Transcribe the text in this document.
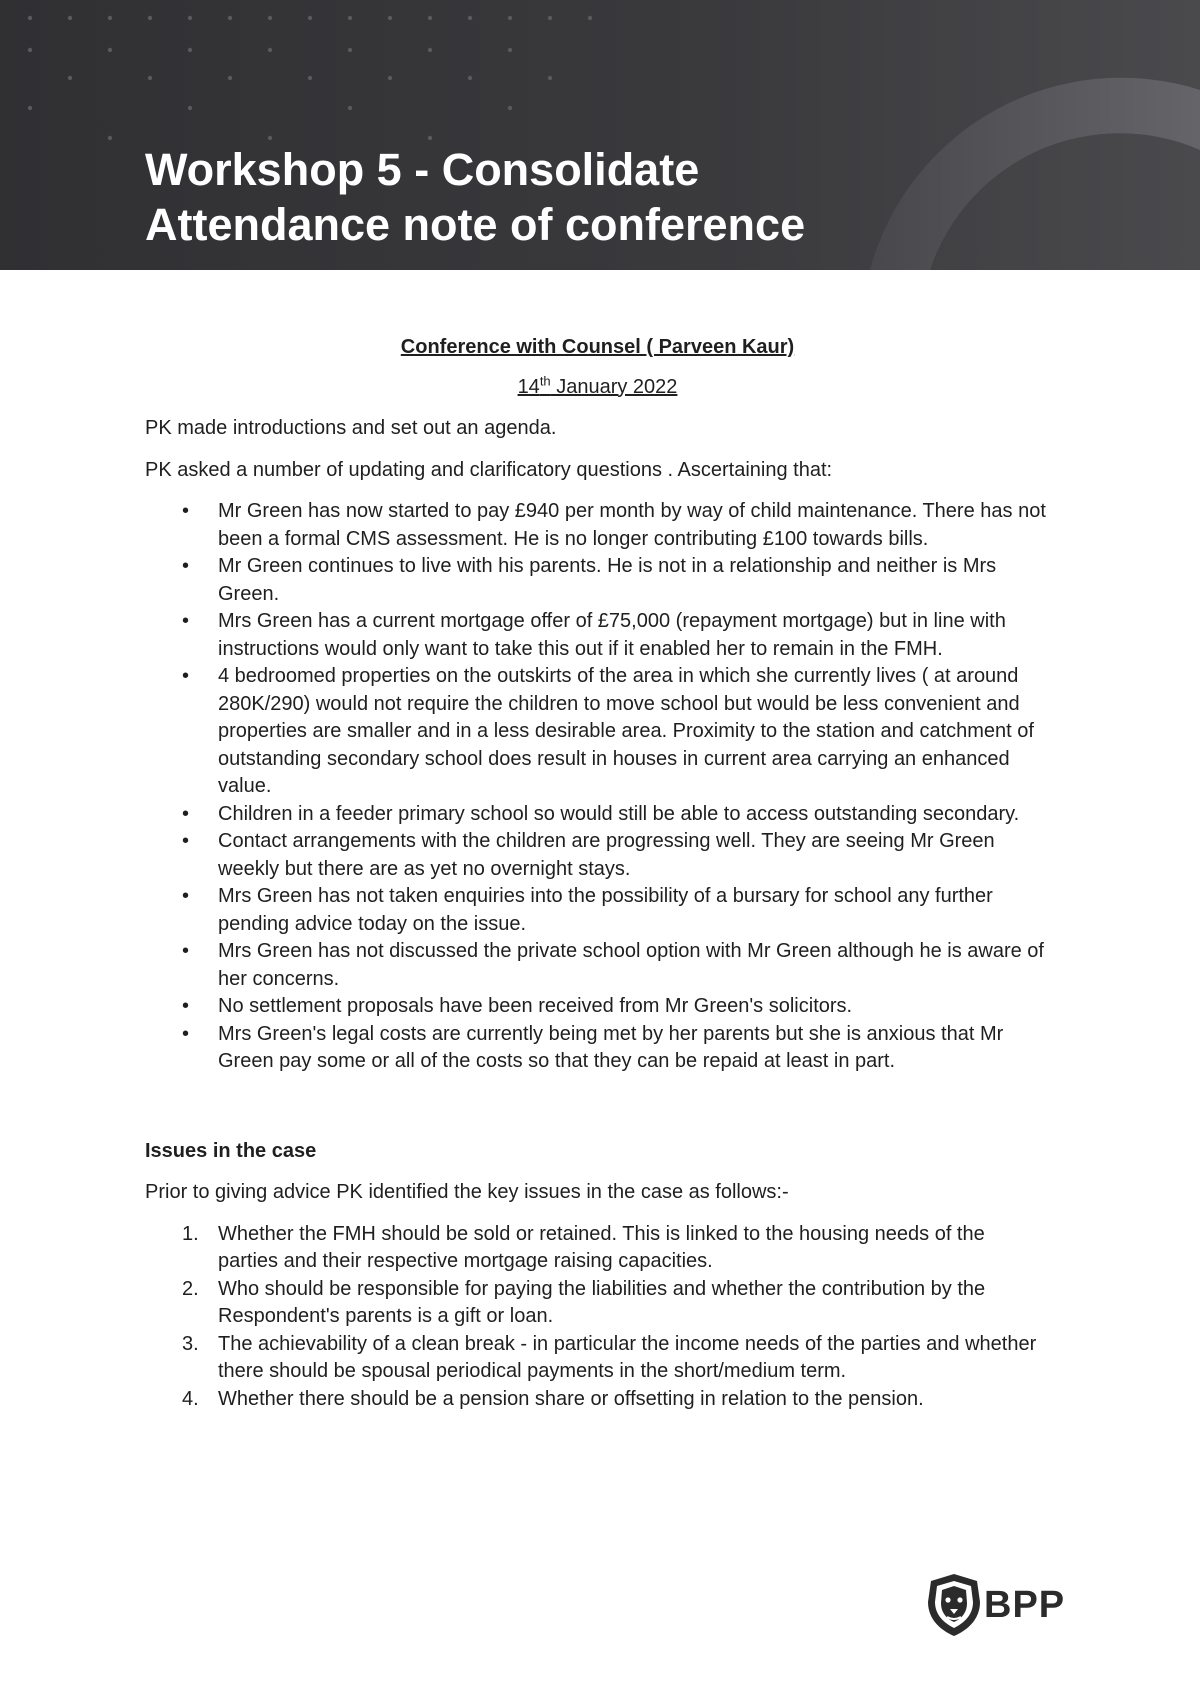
Workshop 5 - Consolidate
Attendance note of conference
Conference with Counsel ( Parveen Kaur)
14th January 2022

PK made introductions and set out an agenda.

PK asked a number of updating and clarificatory questions . Ascertaining that:

• Mr Green has now started to pay £940 per month by way of child maintenance. There has not been a formal CMS assessment. He is no longer contributing £100 towards bills.
• Mr Green continues to live with his parents. He is not in a relationship and neither is Mrs Green.
• Mrs Green has a current mortgage offer of £75,000 (repayment mortgage) but in line with instructions would only want to take this out if it enabled her to remain in the FMH.
• 4 bedroomed properties on the outskirts of the area in which she currently lives ( at around 280K/290) would not require the children to move school but would be less convenient and properties are smaller and in a less desirable area. Proximity to the station and catchment of outstanding secondary school does result in houses in current area carrying an enhanced value.
• Children in a feeder primary school so would still be able to access outstanding secondary.
• Contact arrangements with the children are progressing well. They are seeing Mr Green weekly but there are as yet no overnight stays.
• Mrs Green has not taken enquiries into the possibility of a bursary for school any further pending advice today on the issue.
• Mrs Green has not discussed the private school option with Mr Green although he is aware of her concerns.
• No settlement proposals have been received from Mr Green's solicitors.
• Mrs Green's legal costs are currently being met by her parents but she is anxious that Mr Green pay some or all of the costs so that they can be repaid at least in part.
Issues in the case

Prior to giving advice PK identified the key issues in the case as follows:-

1. Whether the FMH should be sold or retained. This is linked to the housing needs of the parties and their respective mortgage raising capacities.
2. Who should be responsible for paying the liabilities and whether the contribution by the Respondent's parents is a gift or loan.
3. The achievability of a clean break - in particular the income needs of the parties and whether there should be spousal periodical payments in the short/medium term.
4. Whether there should be a pension share or offsetting in relation to the pension.
BPP
